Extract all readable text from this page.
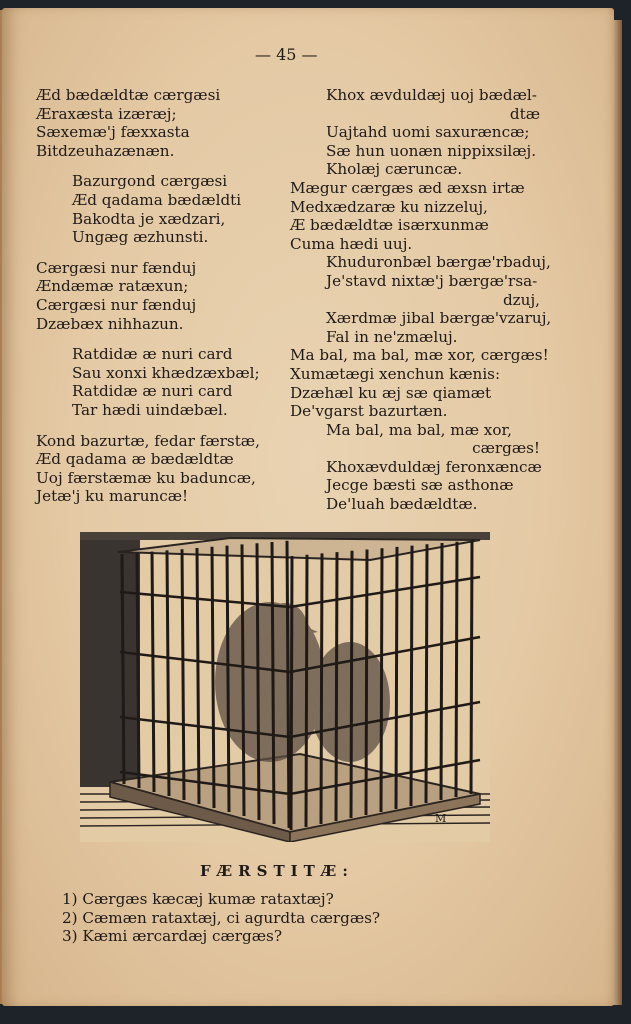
— 45 —
Æd bædældtæ cærgæsi
Æraxæsta izæræj;
Sæxemæ'j fæxxasta
Bitdzeuhazænæn.
Bazurgond cærgæsi
Æd qadama bædældti
Bakodta je xædzari,
Ungæg æzhunsti.
Cærgæsi nur fænduj
Ændæmæ ratæxun;
Cærgæsi nur fænduj
Dzæbæx nihhazun.
Ratdidæ æ nuri card
Sau xonxi khædzæxbæl;
Ratdidæ æ nuri card
Tar hædi uindæbæl.
Kond bazurtæ, fedar færstæ,
Æd qadama æ bædældtæ
Uoj færstæmæ ku baduncæ,
Jetæ'j ku maruncæ!
Khox ævduldæj uoj bædæl-
dtæ
Uajtahd uomi saxuræncæ;
Sæ hun uonæn nippixsilæj.
Kholæj cæruncæ.
Mægur cærgæs æd æxsn irtæ
Medxædzaræ ku nizzeluj,
Æ bædældtæ isærxunmæ
Cuma hædi uuj.
Khuduronbæl bærgæ'rbaduj,
Je'stavd nixtæ'j bærgæ'rsa-
dzuj,
Xærdmæ jibal bærgæ'vzaruj,
Fal in ne'zmæluj.
Ma bal, ma bal, mæ xor, cærgæs!
Xumætægi xenchun kænis:
Dzæhæl ku æj sæ qiamæt
De'vgarst bazurtæn.
Ma bal, ma bal, mæ xor,
cærgæs!
Khoxævduldæj feronxæncæ
Jecge bæsti sæ asthonæ
De'luah bædældtæ.
M
FÆRSTITÆ:
1) Cærgæs kæcæj kumæ rataxtæj?
2) Cæmæn rataxtæj, ci agurdta cærgæs?
3) Kæmi ærcardæj cærgæs?
